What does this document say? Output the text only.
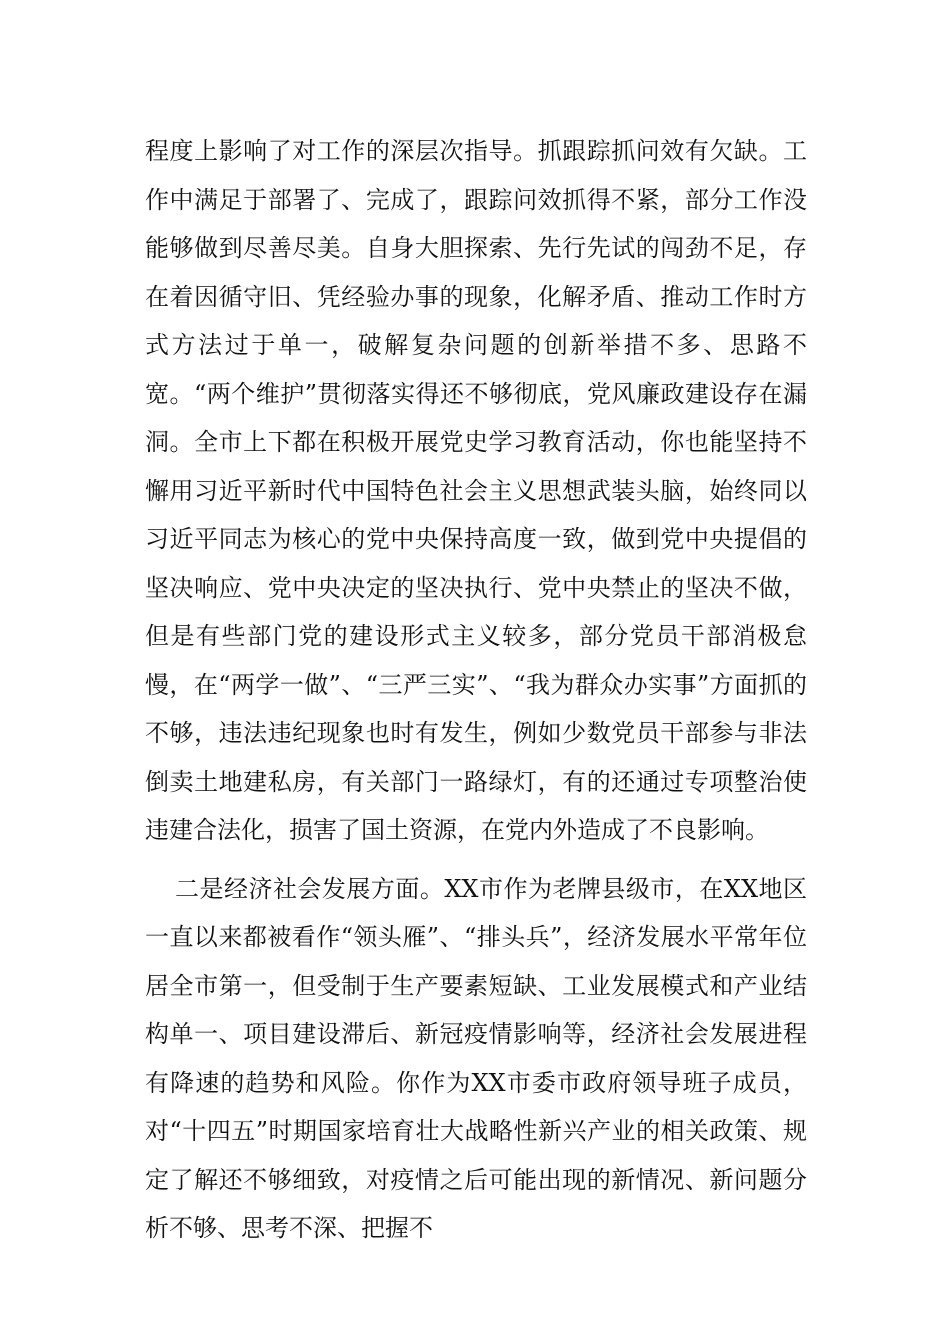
程度上影响了对工作的深层次指导。抓跟踪抓问效有欠缺。工作中满足于部署了、完成了，跟踪问效抓得不紧，部分工作没能够做到尽善尽美。自身大胆探索、先行先试的闯劲不足，存在着因循守旧、凭经验办事的现象，化解矛盾、推动工作时方式方法过于单一，破解复杂问题的创新举措不多、思路不宽。“两个维护”贯彻落实得还不够彻底，党风廉政建设存在漏洞。全市上下都在积极开展党史学习教育活动，你也能坚持不懈用习近平新时代中国特色社会主义思想武装头脑，始终同以习近平同志为核心的党中央保持高度一致，做到党中央提倡的坚决响应、党中央决定的坚决执行、党中央禁止的坚决不做，但是有些部门党的建设形式主义较多，部分党员干部消极怠慢，在“两学一做”、“三严三实”、“我为群众办实事”方面抓的不够，违法违纪现象也时有发生，例如少数党员干部参与非法倒卖土地建私房，有关部门一路绿灯，有的还通过专项整治使违建合法化，损害了国土资源，在党内外造成了不良影响。

二是经济社会发展方面。XX市作为老牌县级市，在XX地区一直以来都被看作“领头雁”、“排头兵”，经济发展水平常年位居全市第一，但受制于生产要素短缺、工业发展模式和产业结构单一、项目建设滞后、新冠疫情影响等，经济社会发展进程有降速的趋势和风险。你作为XX市委市政府领导班子成员，对“十四五”时期国家培育壮大战略性新兴产业的相关政策、规定了解还不够细致，对疫情之后可能出现的新情况、新问题分析不够、思考不深、把握不
